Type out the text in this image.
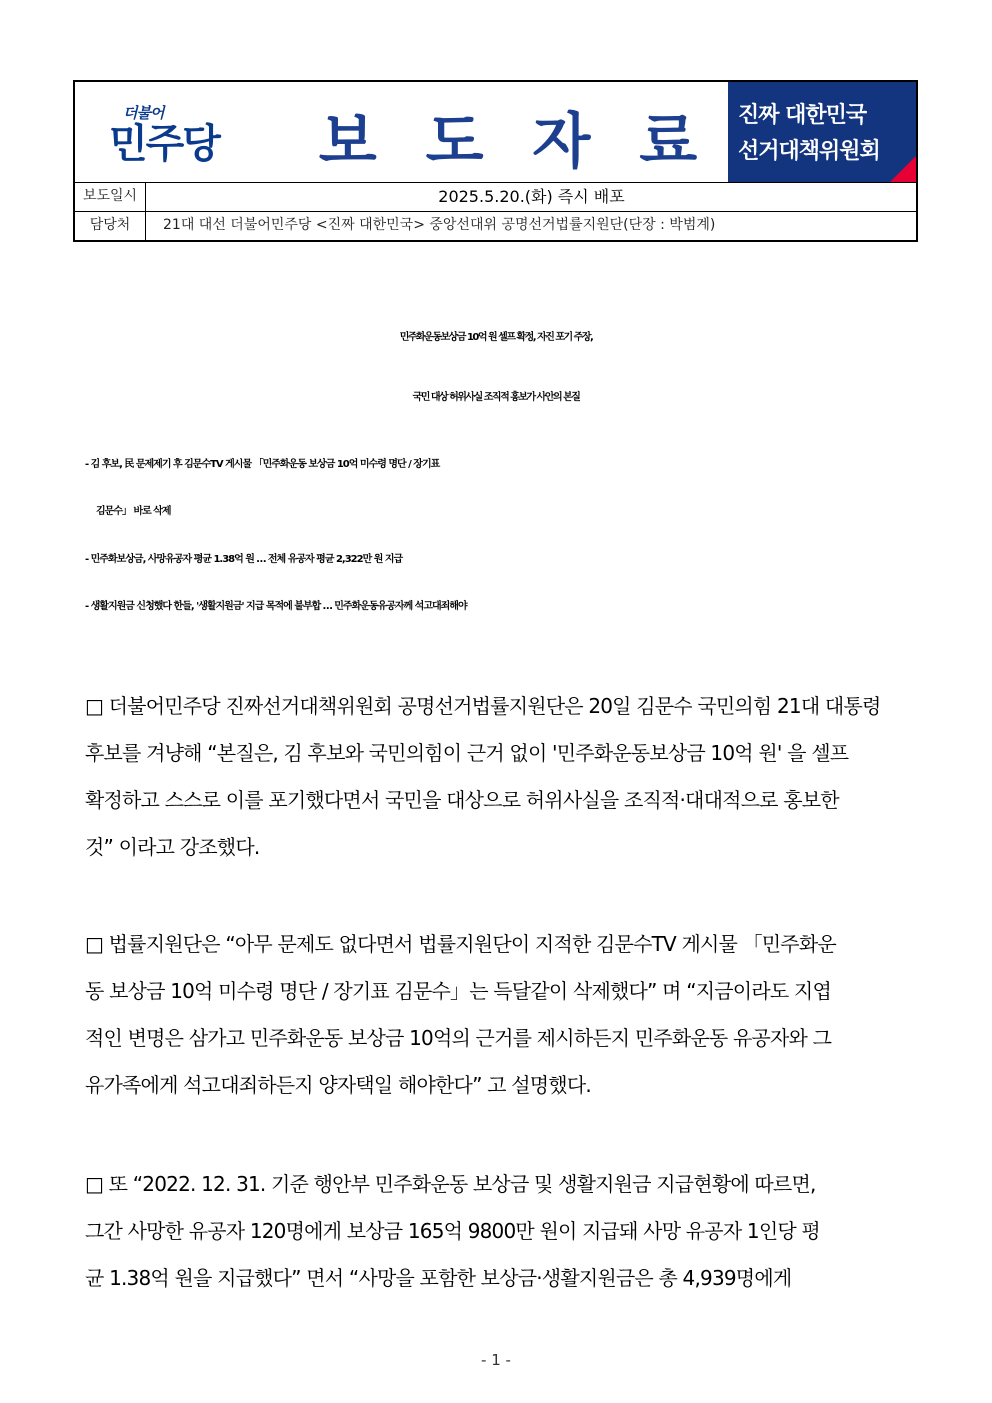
더불어
민주당 보 도 자 료 진짜 대한민국
선거대책위원회
보도일시	2025.5.20.(화) 즉시 배포
담당처	21대 대선 더불어민주당 <진짜 대한민국> 중앙선대위 공명선거법률지원단(단장 : 박범계)
민주화운동보상금 10억 원 셀프 확정, 자진 포기 주장,
국민 대상 허위사실 조직적 홍보가 사안의 본질
- 김 후보, 民 문제제기 후 김문수TV 게시물 「민주화운동 보상금 10억 미수령 명단 / 장기표
김문수」 바로 삭제
- 민주화보상금, 사망유공자 평균 1.38억 원 … 전체 유공자 평균 2,322만 원 지급
- 생활지원금 신청했다 한들, '생활지원금' 지급 목적에 불부합 … 민주화운동유공자께 석고대죄해야
□ 더불어민주당 진짜선거대책위원회 공명선거법률지원단은 20일 김문수 국민의힘 21대 대통령
후보를 겨냥해 “본질은, 김 후보와 국민의힘이 근거 없이 '민주화운동보상금 10억 원' 을 셀프
확정하고 스스로 이를 포기했다면서 국민을 대상으로 허위사실을 조직적·대대적으로 홍보한
것” 이라고 강조했다.
□ 법률지원단은 “아무 문제도 없다면서 법률지원단이 지적한 김문수TV 게시물 「민주화운
동 보상금 10억 미수령 명단 / 장기표 김문수」는 득달같이 삭제했다” 며 “지금이라도 지엽
적인 변명은 삼가고 민주화운동 보상금 10억의 근거를 제시하든지 민주화운동 유공자와 그
유가족에게 석고대죄하든지 양자택일 해야한다” 고 설명했다.
□ 또 “2022. 12. 31. 기준 행안부 민주화운동 보상금 및 생활지원금 지급현황에 따르면,
그간 사망한 유공자 120명에게 보상금 165억 9800만 원이 지급돼 사망 유공자 1인당 평
균 1.38억 원을 지급했다” 면서 “사망을 포함한 보상금·생활지원금은 총 4,939명에게
- 1 -
